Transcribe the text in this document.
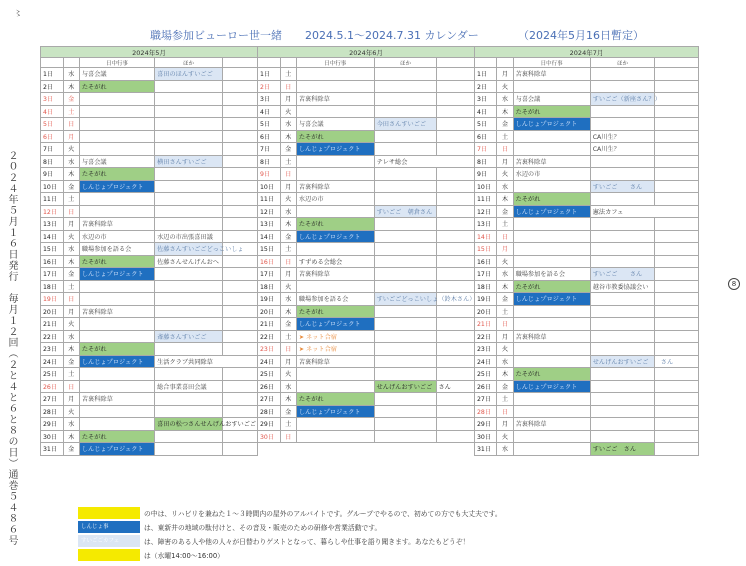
〻
２０２４年５月１６日発行　毎月１２回（２と４と６と８の日）通巻５４８６号	8
職場参加ビューロー世一緒 2024.5.1～2024.7.31 カレンダー	（2024年5月16日暫定）
2024年5月				
		日中行事	ほか	
1日	水	与喜会議	喜田のほんすいごご	
2日	木	たそがれ		
3日	金			
4日	土			
5日	日			
6日	月			
7日	火			
8日	水	与喜会議	横田さんすいごご	
9日	木	たそがれ		
10日	金	しんじょプロジェクト		
11日	土			
12日	日			
13日	月	苫裏科除草		
14日	火	水辺の市	水辺の市出張喜田議	
15日	水	職場参加を語る会	佐藤さんすいごごどっこいしょ	
16日	木	たそがれ	佐藤さんせんげんおへ	
17日	金	しんじょプロジェクト		
18日	土			
19日	日			
20日	月	苫裏科除草		
21日	火			
22日	水		斎藤さんすいごご	
23日	木	たそがれ		
24日	金	しんじょプロジェクト	生活クラブ共同除草	
25日	土			
26日	日		総合事業喜田会議	
27日	月	苫裏科除草		
28日	火			
29日	水		喜田の松つさんせんげんおすいごご	
30日	木	たそがれ		
31日	金	しんじょプロジェクト		
2024年6月				
		日中行事	ほか	
1日	土			
2日	日			
3日	月	苫裏科除草		
4日	火			
5日	水	与喜会議	今田さんすいごご	
6日	木	たそがれ		
7日	金	しんじょプロジェクト		
8日	土		テレサ総会	
9日	日			
10日	月	苫裏科除草		
11日	火	水辺の市		
12日	水		すいごご　朝倉さん	
13日	木	たそがれ		
14日	金	しんじょプロジェクト		
15日	土			
16日	日	すずめる会総会		
17日	月	苫裏科除草		
18日	火			
19日	水	職場参加を語る会	すいごごどっこいしょ（鈴木さん）	
20日	木	たそがれ		
21日	金	しんじょプロジェクト		
22日	土	➤ ネット合宿		
23日	日	➤ ネット合宿		
24日	月	苫裏科除草		
25日	火			
26日	水		せんげんおすいごご　さん	
27日	木	たそがれ		
28日	金	しんじょプロジェクト		
29日	土			
30日	日			
2024年7月				
		日中行事	ほか	
1日	月	苫裏科除草		
2日	火			
3日	水	与喜会議	すいごご（新座さん？）	
4日	木	たそがれ		
5日	金	しんじょプロジェクト		
6日	土		CA川生？	
7日	日		CA川生？	
8日	月	苫裏科除草		
9日	火	水辺の市		
10日	水		すいごご　　さん	
11日	木	たそがれ		
12日	金	しんじょプロジェクト	憲法カフェ	
13日	土			
14日	日			
15日	月			
16日	火			
17日	水	職場参加を語る会	すいごご　　さん	
18日	木	たそがれ	越谷市教委協議会い	
19日	金	しんじょプロジェクト		
20日	土			
21日	日			
22日	月	苫裏科除草		
23日	火			
24日	水		せんげんおすいごご　　さん	
25日	木	たそがれ		
26日	金	しんじょプロジェクト		
27日	土			
28日	日			
29日	月	苫裏科除草		
30日	火			
31日	水		すいごご　さん	
の中は、リハビリを兼ねた１～３時間内の屋外のアルバイトです。グループでやるので、初めての方でも大丈夫です。
しんじょ事	は、東新井の地域の駄付けと、その音及・販売のための研修や営業活動です。
すいごごカフェ	は、障害のある人や他の人々が日替わりゲストとなって、暮らしや仕事を語り聞きます。あなたもどうぞ！
は（水曜14:00～16:00）
